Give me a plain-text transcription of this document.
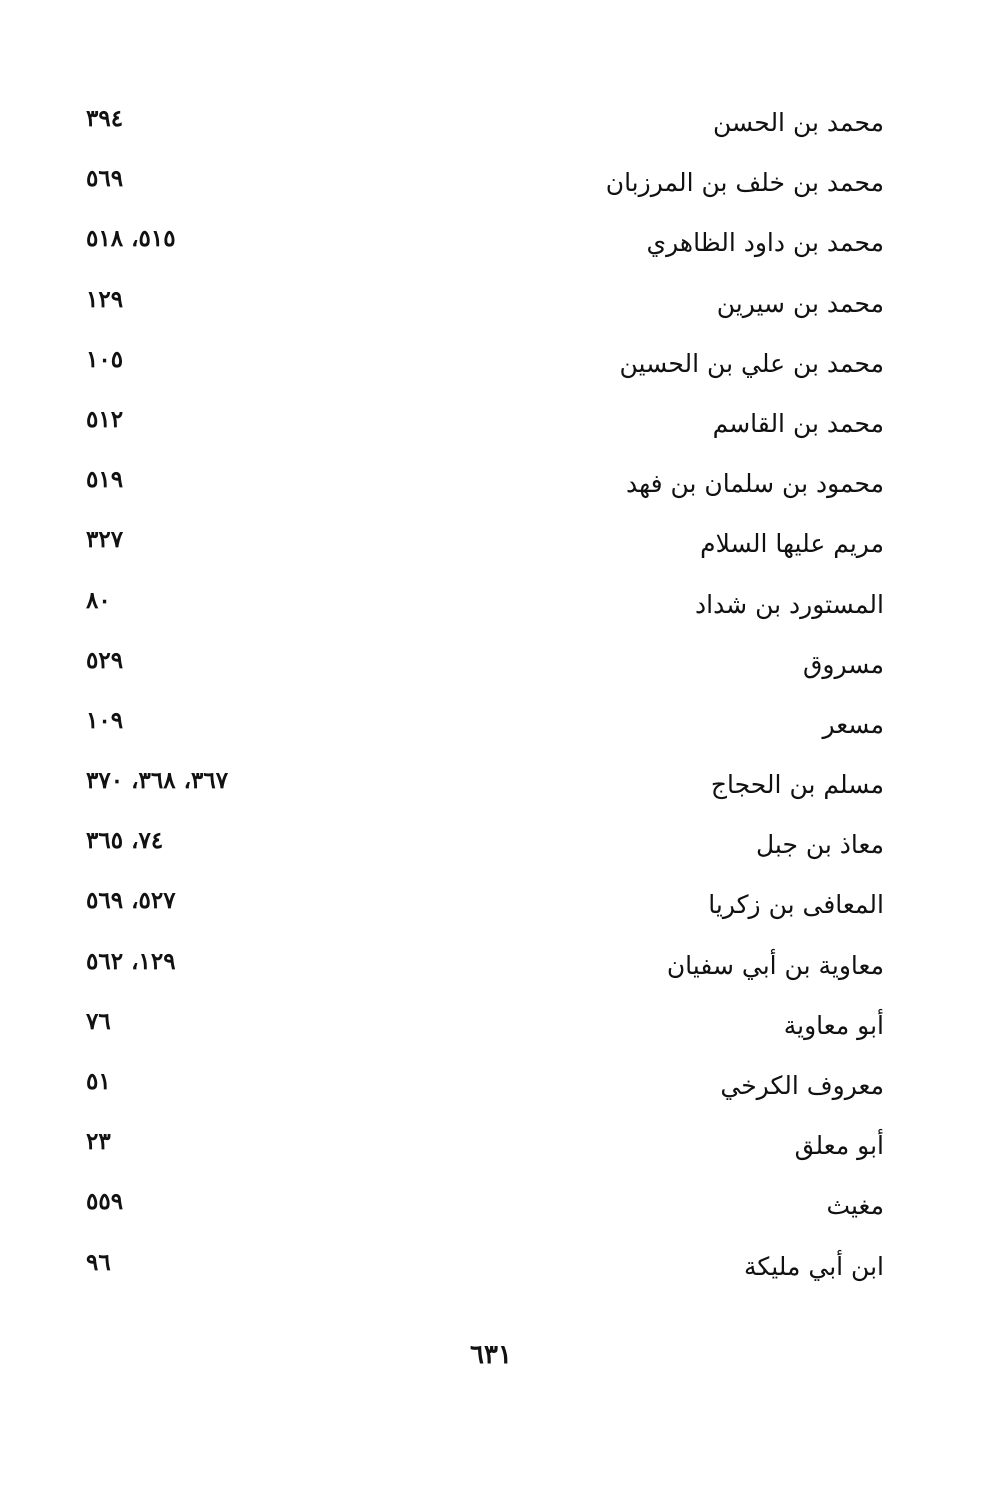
محمد بن الحسن
٣٩٤
محمد بن خلف بن المرزبان
٥٦٩
محمد بن داود الظاهري
٥١٥، ٥١٨
محمد بن سيرين
١٢٩
محمد بن علي بن الحسين
١٠٥
محمد بن القاسم
٥١٢
محمود بن سلمان بن فهد
٥١٩
مريم عليها السلام
٣٢٧
المستورد بن شداد
٨٠
مسروق
٥٢٩
مسعر
١٠٩
مسلم بن الحجاج
٣٦٧، ٣٦٨، ٣٧٠
معاذ بن جبل
٧٤، ٣٦٥
المعافى بن زكريا
٥٢٧، ٥٦٩
معاوية بن أبي سفيان
١٢٩، ٥٦٢
أبو معاوية
٧٦
معروف الكرخي
٥١
أبو معلق
٢٣
مغيث
٥٥٩
ابن أبي مليكة
٩٦
٦٣١
